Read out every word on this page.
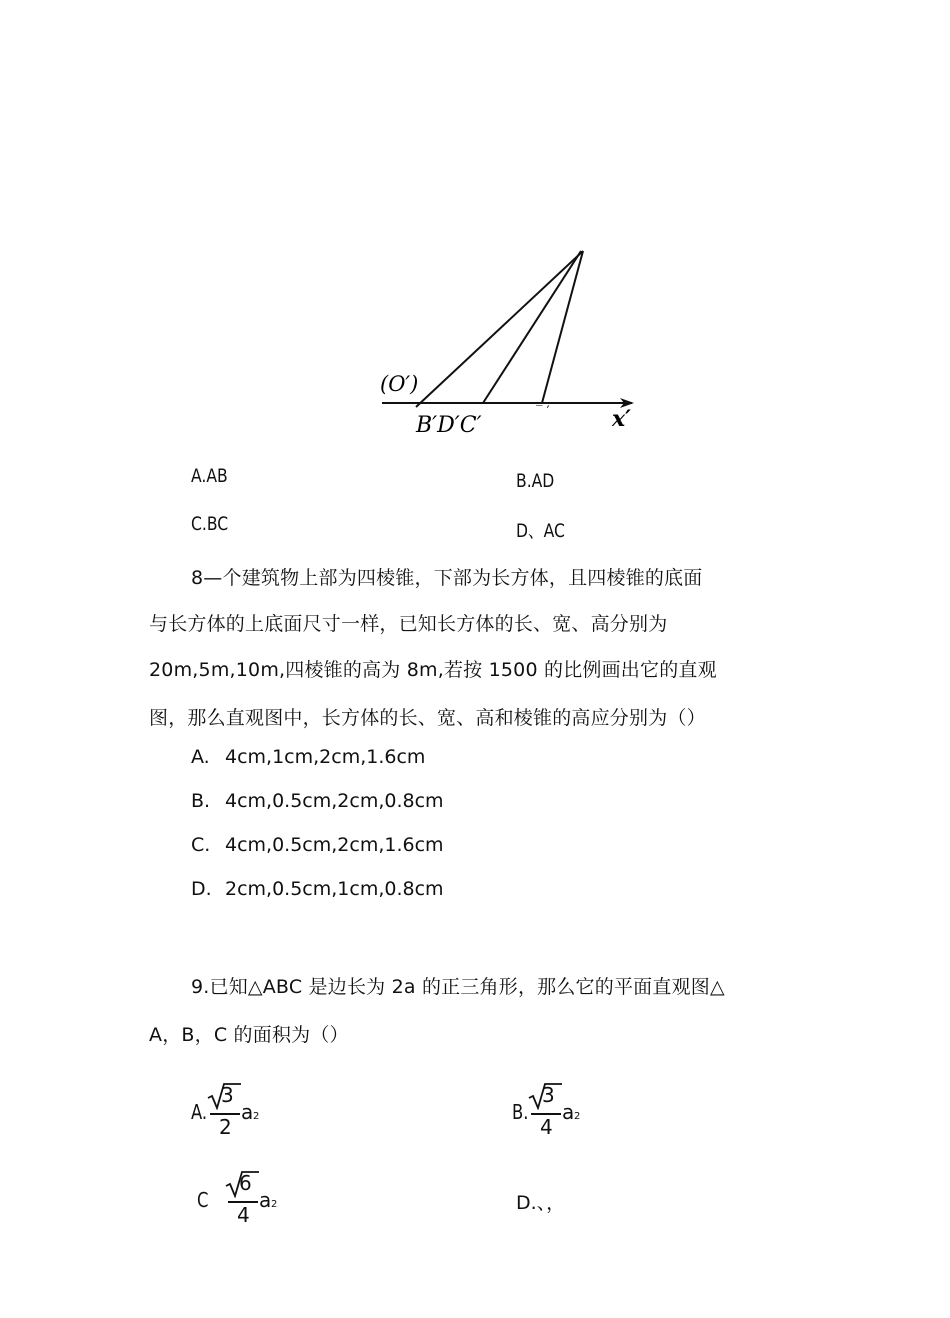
(O′)
B′D′C′
‾ ′	x′
A.AB	B.AD
C.BC	D、AC
8—个建筑物上部为四棱锥，下部为长方体，且四棱锥的底面
与长方体的上底面尺寸一样，已知长方体的长、宽、高分别为
20m,5m,10m,四棱锥的高为 8m,若按 1500 的比例画出它的直观
图，那么直观图中，长方体的长、宽、高和棱锥的高应分别为（）
A. 4cm,1cm,2cm,1.6cm
B. 4cm,0.5cm,2cm,0.8cm
C. 4cm,0.5cm,2cm,1.6cm
D. 2cm,0.5cm,1cm,0.8cm
9.已知△ABC 是边长为 2a 的正三角形，那么它的平面直观图△
A，B，C 的面积为（）
A.
3
2
a 2	B.
3
4
a 2
C
6
4
a 2	D.、，
